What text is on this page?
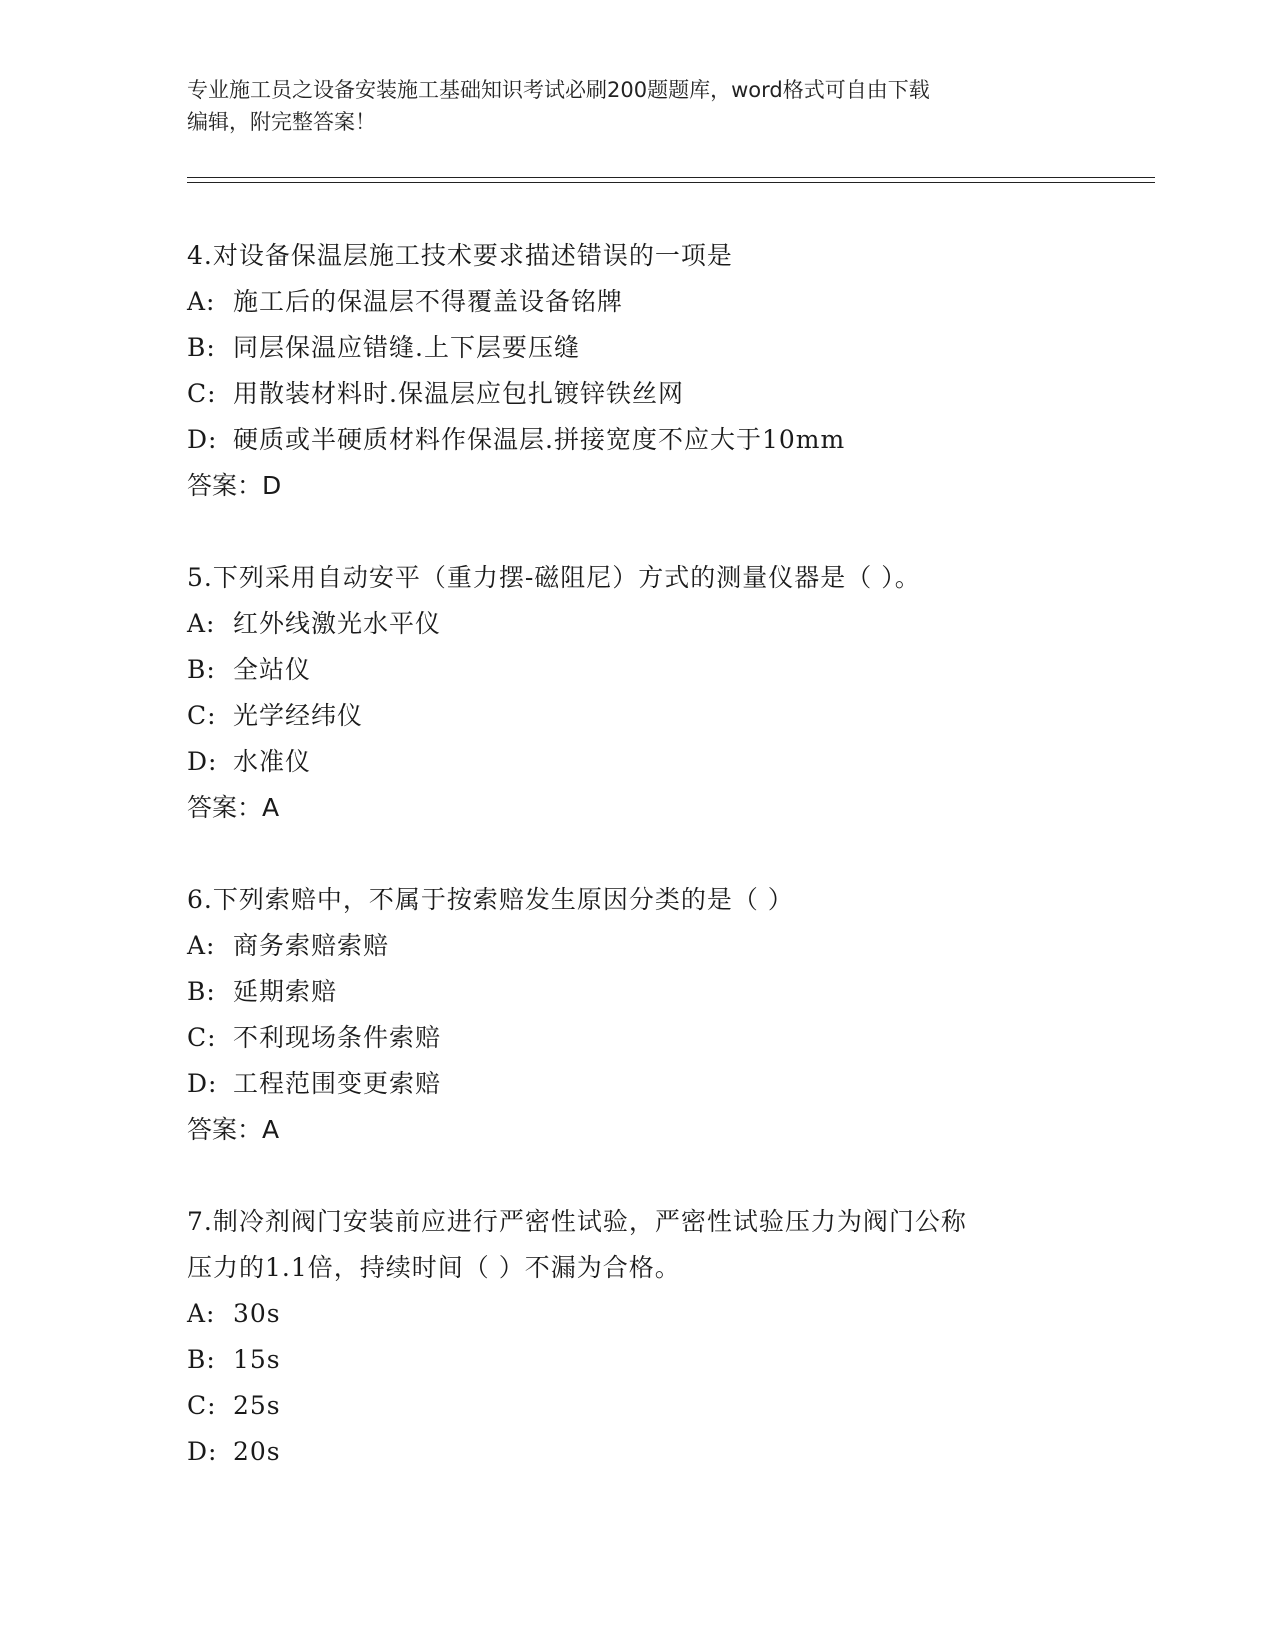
专业施工员之设备安装施工基础知识考试必刷200题题库，word格式可自由下载
编辑，附完整答案！
4.对设备保温层施工技术要求描述错误的一项是
A: 施工后的保温层不得覆盖设备铭牌
B: 同层保温应错缝.上下层要压缝
C: 用散装材料时.保温层应包扎镀锌铁丝网
D: 硬质或半硬质材料作保温层.拼接宽度不应大于10mm
答案：D
5.下列采用自动安平（重力摆-磁阻尼）方式的测量仪器是（ ）。
A: 红外线激光水平仪
B: 全站仪
C: 光学经纬仪
D: 水准仪
答案：A
6.下列索赔中，不属于按索赔发生原因分类的是（ ）
A: 商务索赔索赔
B: 延期索赔
C: 不利现场条件索赔
D: 工程范围变更索赔
答案：A
7.制冷剂阀门安装前应进行严密性试验，严密性试验压力为阀门公称
压力的1.1倍，持续时间（ ）不漏为合格。
A: 30s
B: 15s
C: 25s
D: 20s
